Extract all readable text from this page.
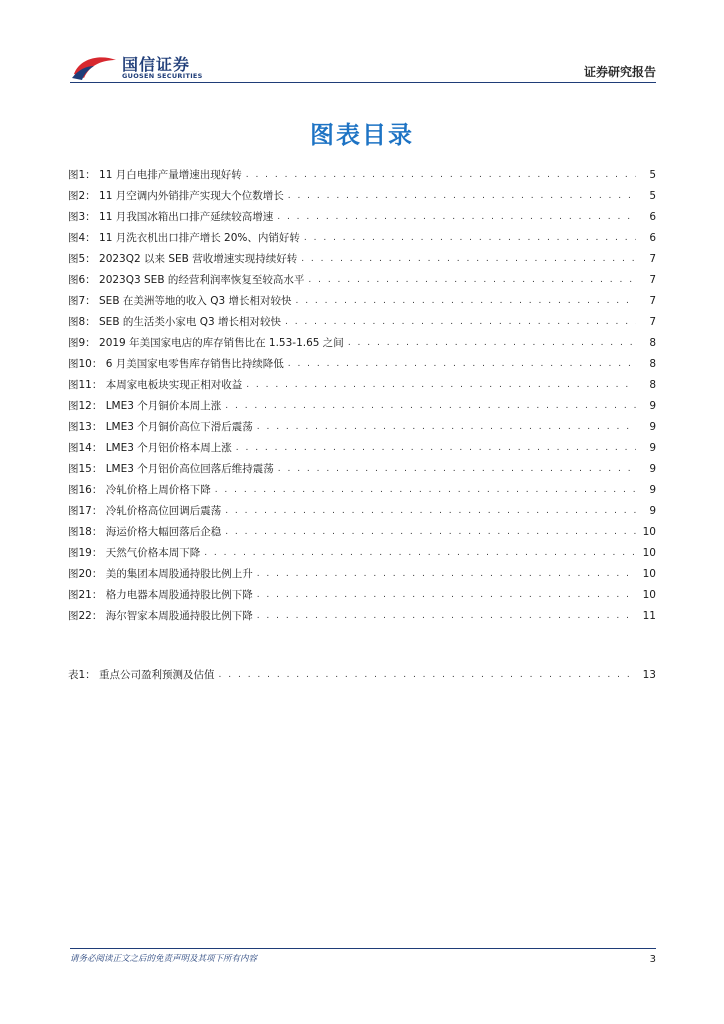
国信证券
GUOSEN SECURITIES	证券研究报告
图表目录
图1： 11 月白电排产量增速出现好转 . . .	5
图2： 11 月空调内外销排产实现大个位数增长 . . .	5
图3： 11 月我国冰箱出口排产延续较高增速 . . .	6
图4： 11 月洗衣机出口排产增长 20%、内销好转 . . .	6
图5： 2023Q2 以来 SEB 营收增速实现持续好转 . . .	7
图6： 2023Q3 SEB 的经营利润率恢复至较高水平 . . .	7
图7： SEB 在美洲等地的收入 Q3 增长相对较快 . . .	7
图8： SEB 的生活类小家电 Q3 增长相对较快 . . .	7
图9： 2019 年美国家电店的库存销售比在 1.53-1.65 之间 . . .	8
图10： 6 月美国家电零售库存销售比持续降低 . . .	8
图11： 本周家电板块实现正相对收益 . . .	8
图12： LME3 个月铜价本周上涨 . . .	9
图13： LME3 个月铜价高位下滑后震荡 . . .	9
图14： LME3 个月铝价格本周上涨 . . .	9
图15： LME3 个月铝价高位回落后维持震荡 . . .	9
图16： 冷轧价格上周价格下降 . . .	9
图17： 冷轧价格高位回调后震荡 . . .	9
图18： 海运价格大幅回落后企稳 . . .	10
图19： 天然气价格本周下降 . . .	10
图20： 美的集团本周股通持股比例上升 . . .	10
图21： 格力电器本周股通持股比例下降 . . .	10
图22： 海尔智家本周股通持股比例下降 . . .	11
表1： 重点公司盈利预测及估值 . . .	13
请务必阅读正文之后的免责声明及其项下所有内容	3
